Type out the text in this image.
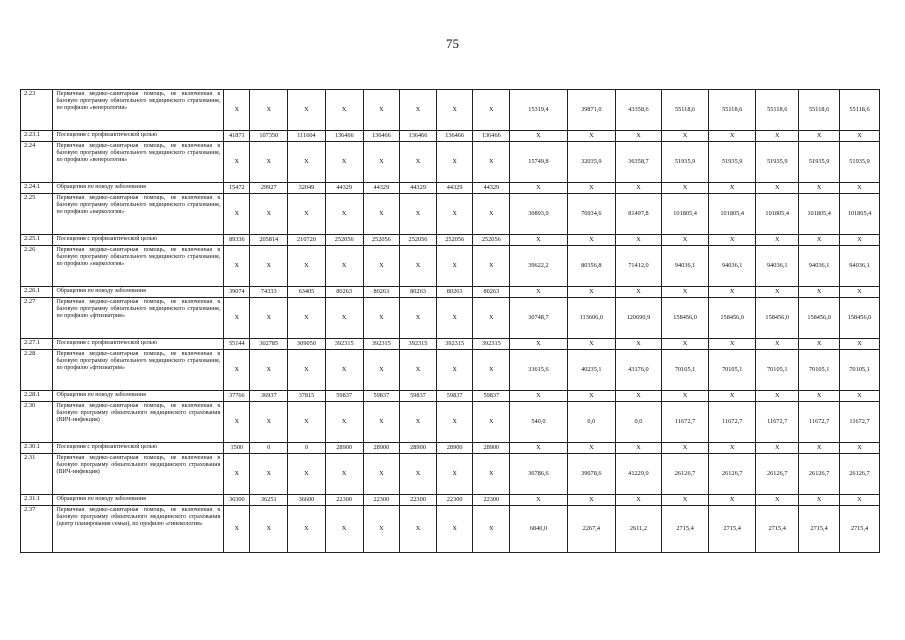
75
2.23	Первичная медико-санитарная помощь, не включенная в базовую программу обязательного медицинского страхования, по профилю «венерология»	Х	Х	Х	Х	Х	Х	Х	Х	15319,4	39871,0	43358,6	55118,6	55118,6	55118,6	55118,6	55118,6
2.23.1	Посещения с профилактической целью	41871	107350	111604	136466	136466	136466	136466	136466	Х	Х	Х	Х	Х	Х	Х	Х
2.24	Первичная медико-санитарная помощь, не включенная в базовую программу обязательного медицинского страхования, по профилю «венерология»	Х	Х	Х	Х	Х	Х	Х	Х	15749,8	32035,9	36358,7	51935,9	51935,9	51935,9	51935,9	51935,9
2.24.1	Обращения по поводу заболевания	15472	29927	32049	44329	44329	44329	44329	44329	Х	Х	Х	Х	Х	Х	Х	Х
2.25	Первичная медико-санитарная помощь, не включенная в базовую программу обязательного медицинского страхования, по профилю «наркология»	Х	Х	Х	Х	Х	Х	Х	Х	30893,0	76934,6	81497,8	101805,4	101805,4	101805,4	101805,4	101805,4
2.25.1	Посещения с профилактической целью	89336	205814	210720	252056	252056	252056	252056	252056	Х	Х	Х	Х	Х	Х	Х	Х
2.26	Первичная медико-санитарная помощь, не включенная в базовую программу обязательного медицинского страхования, по профилю «наркология»	Х	Х	Х	Х	Х	Х	Х	Х	39622,2	80356,8	71412,0	94036,1	94036,1	94036,1	94036,1	94036,1
2.26.1	Обращения по поводу заболевания	39074	74333	63405	80263	80263	80263	80263	80263	Х	Х	Х	Х	Х	Х	Х	Х
2.27	Первичная медико-санитарная помощь, не включенная в базовую программу обязательного медицинского страхования, по профилю «фтизиатрия»	Х	Х	Х	Х	Х	Х	Х	Х	30748,7	113606,0	120690,9	158456,0	158456,0	158456,0	158456,0	158456,0
2.27.1	Посещения с профилактической целью	55144	302785	309050	392315	392315	392315	392315	392315	Х	Х	Х	Х	Х	Х	Х	Х
2.28	Первичная медико-санитарная помощь, не включенная в базовую программу обязательного медицинского страхования, по профилю «фтизиатрия»	Х	Х	Х	Х	Х	Х	Х	Х	33615,6	40235,1	43176,0	70105,1	70105,1	70105,1	70105,1	70105,1
2.28.1	Обращения по поводу заболевания	37766	36937	37815	59837	59837	59837	59837	59837	Х	Х	Х	Х	Х	Х	Х	Х
2.30	Первичная медико-санитарная помощь, не включенная в базовую программу обязательного медицинского страхования (ВИЧ-инфекция)	Х	Х	Х	Х	Х	Х	Х	Х	540,0	0,0	0,0	11672,7	11672,7	11672,7	11672,7	11672,7
2.30.1	Посещения с профилактической целью	1500	0	0	28900	28900	28900	28900	28900	Х	Х	Х	Х	Х	Х	Х	Х
2.31	Первичная медико-санитарная помощь, не включенная в базовую программу обязательного медицинского страхования (ВИЧ-инфекция)	Х	Х	Х	Х	Х	Х	Х	Х	36786,6	39078,6	41229,9	26126,7	26126,7	26126,7	26126,7	26126,7
2.31.1	Обращения по поводу заболевания	36300	36251	36600	22300	22300	22300	22300	22300	Х	Х	Х	Х	Х	Х	Х	Х
2.37	Первичная медико-санитарная помощь, не включенная в базовую программу обязательного медицинского страхования (центр планирования семьи), по профилю «гинекология»	Х	Х	Х	Х	Х	Х	Х	Х	6840,0	2267,4	2611,2	2715,4	2715,4	2715,4	2715,4	2715,4
